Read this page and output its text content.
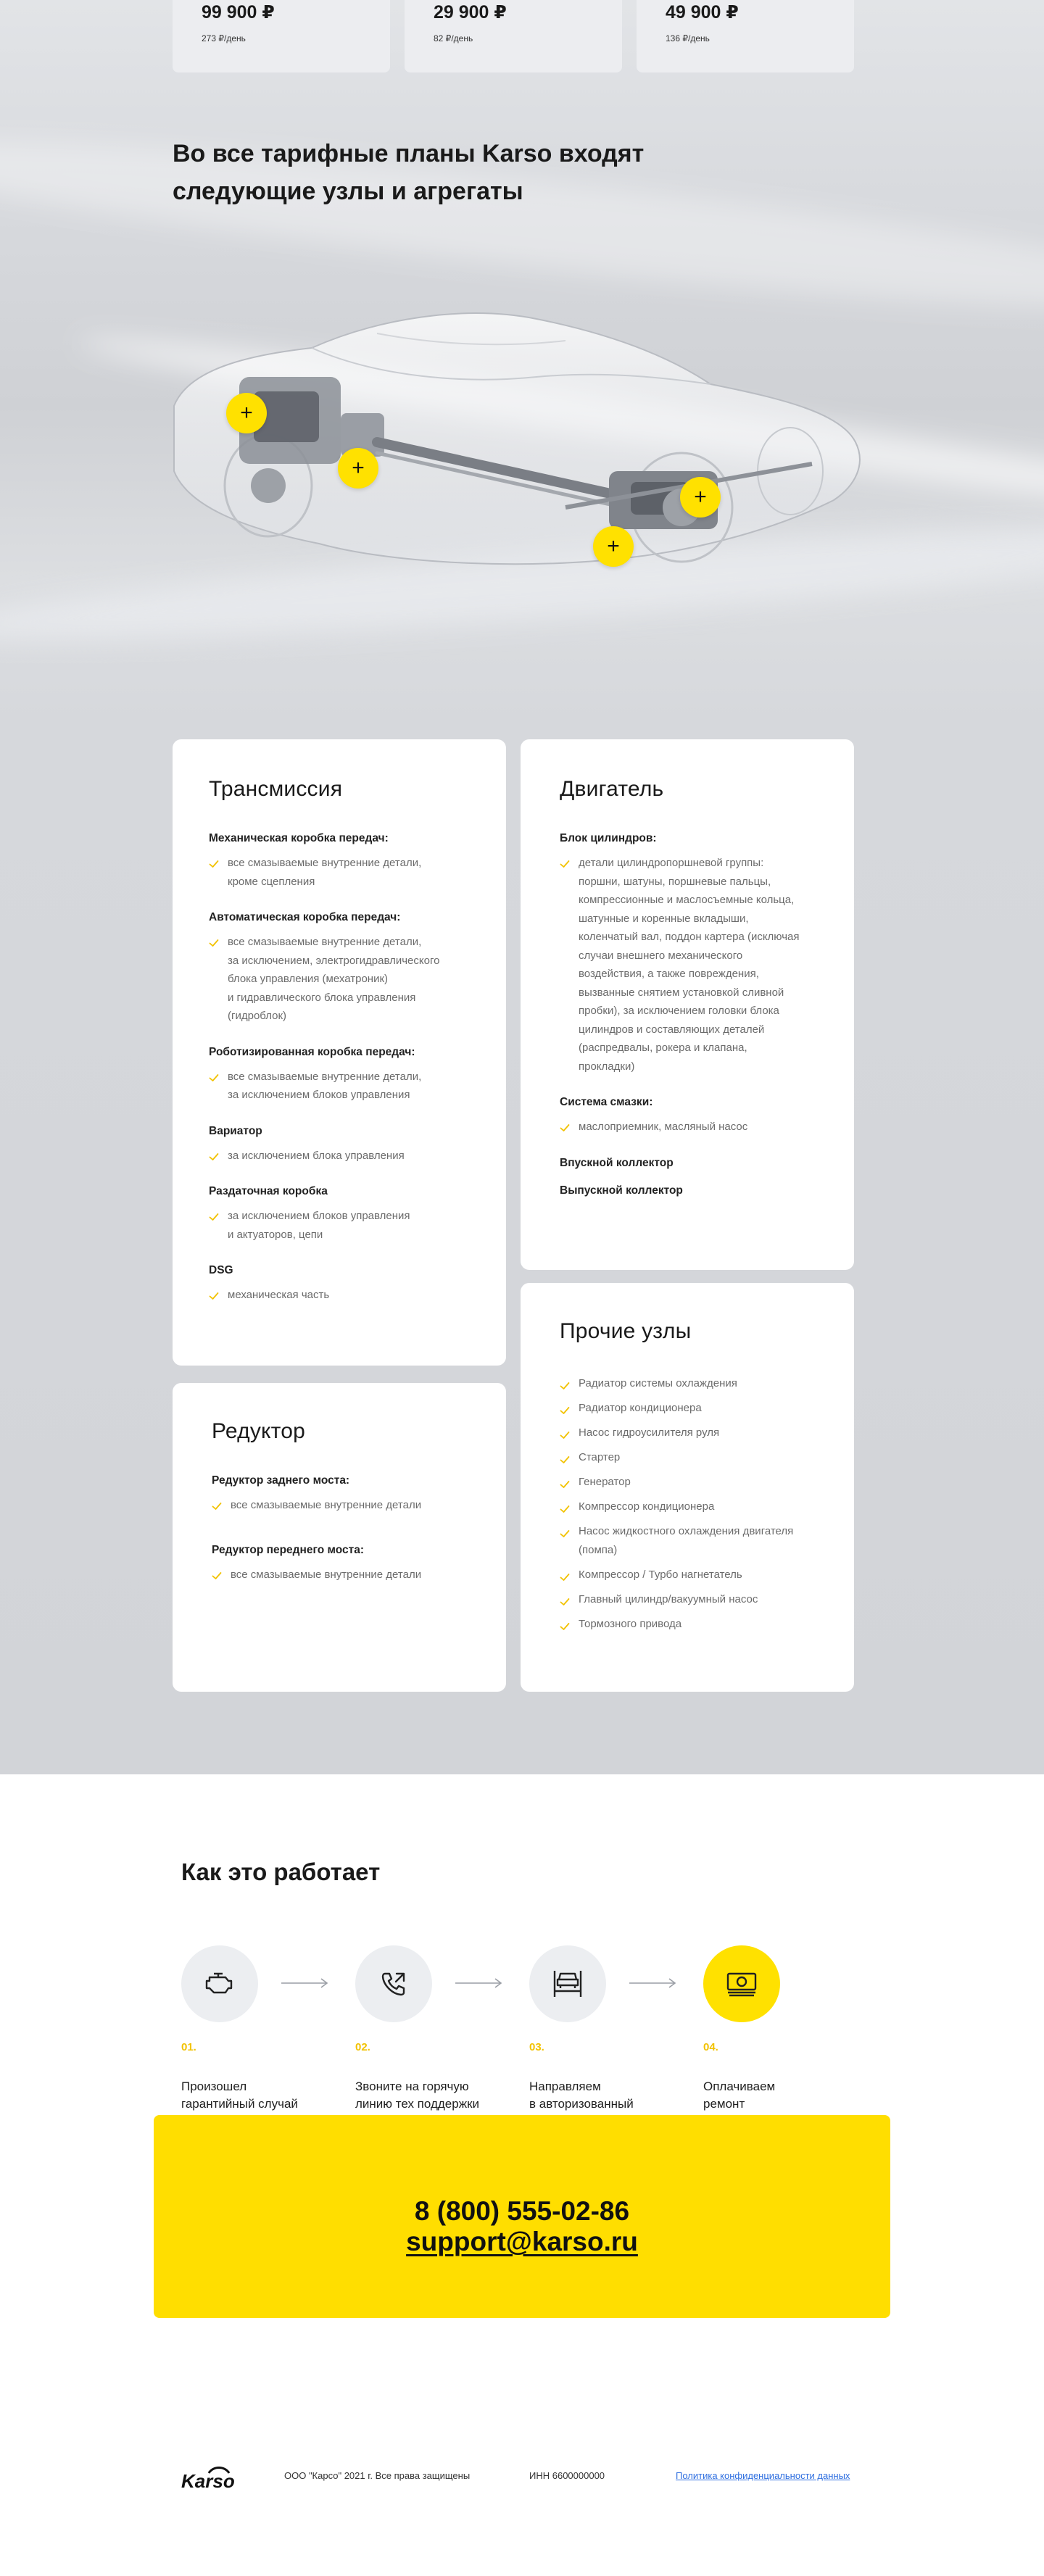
99 900 ₽
273 ₽/день
29 900 ₽
82 ₽/день
49 900 ₽
136 ₽/день
Во все тарифные планы Karso входят следующие узлы и агрегаты
+
+
+
+
Трансмиссия
Механическая коробка передач:
все смазываемые внутренние детали,
кроме сцепления
Автоматическая коробка передач:
все смазываемые внутренние детали,
за исключением, электрогидравлического
блока управления (мехатроник)
и гидравлического блока управления
(гидроблок)
Роботизированная коробка передач:
все смазываемые внутренние детали,
за исключением блоков управления
Вариатор
за исключением блока управления
Раздаточная коробка
за исключением блоков управления
и актуаторов, цепи
DSG
механическая часть
Двигатель
Блок цилиндров:
детали цилиндропоршневой группы:
поршни, шатуны, поршневые пальцы,
компрессионные и маслосъемные кольца,
шатунные и коренные вкладыши,
коленчатый вал, поддон картера (исключая
случаи внешнего механического
воздействия, а также повреждения,
вызванные снятием установкой сливной
пробки), за исключением головки блока
цилиндров и составляющих деталей
(распредвалы, рокера и клапана,
прокладки)
Система смазки:
маслоприемник, масляный насос
Впускной коллектор
Выпускной коллектор
Редуктор
Редуктор заднего моста:
все смазываемые внутренние детали
Редуктор переднего моста:
все смазываемые внутренние детали
Прочие узлы
Радиатор системы охлаждения
Радиатор кондиционера
Насос гидроусилителя руля
Стартер
Генератор
Компрессор кондиционера
Насос жидкостного охлаждения двигателя
(помпа)
Компрессор / Турбо нагнетатель
Главный цилиндр/вакуумный насос
Тормозного привода
Как это работает
01.
Произошел
гарантийный случай
02.
Звоните на горячую
линию тех поддержки
03.
Направляем
в авторизованный

04.
Оплачиваем
ремонт
8 (800) 555-02-86
support@karso.ru
Karso	ООО "Карсо" 2021 г. Все права защищены	ИНН 6600000000	Политика конфиденциальности данных
